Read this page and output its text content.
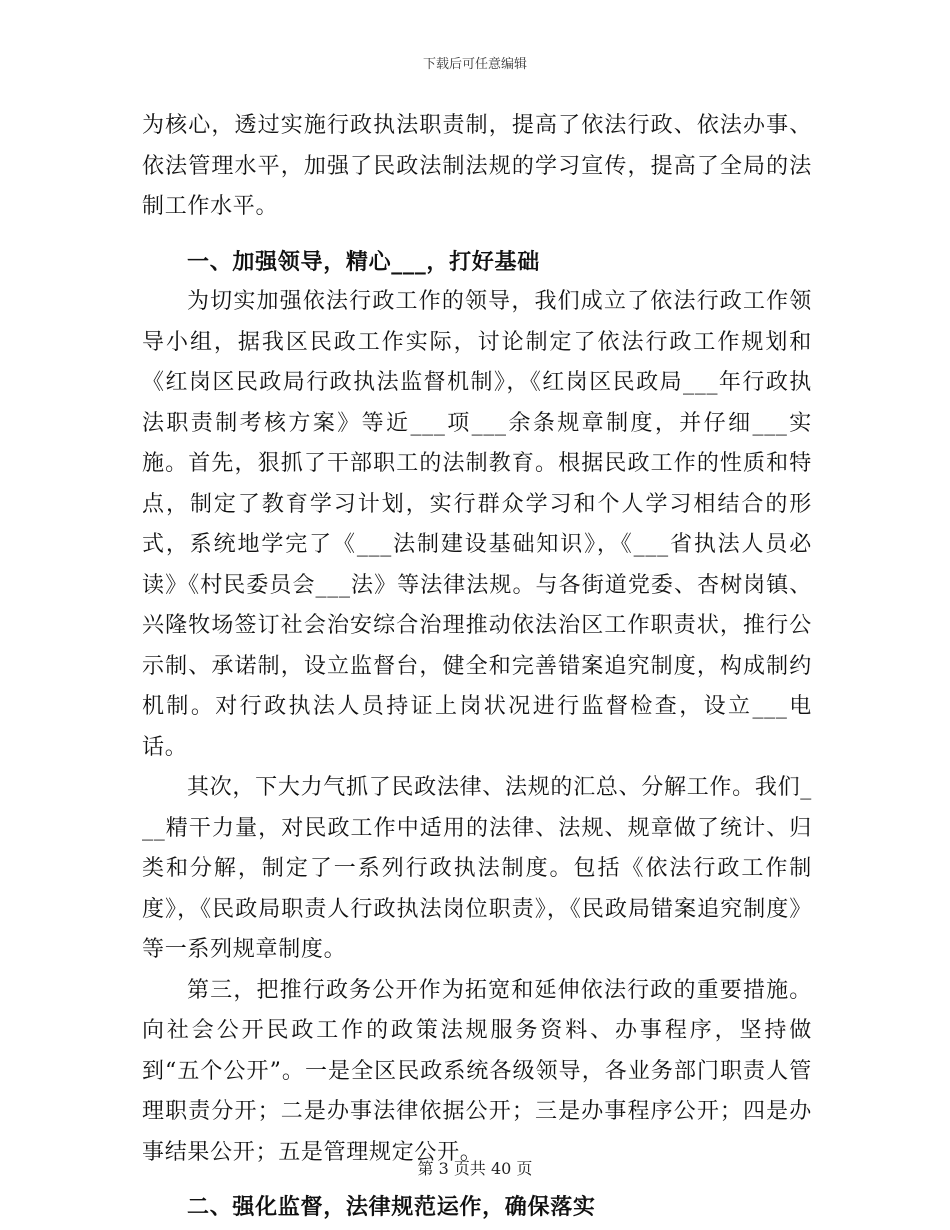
下载后可任意编辑

为核心，透过实施行政执法职责制，提高了依法行政、依法办事、依法管理水平，加强了民政法制法规的学习宣传，提高了全局的法制工作水平。

一、加强领导，精心___，打好基础

为切实加强依法行政工作的领导，我们成立了依法行政工作领导小组，据我区民政工作实际，讨论制定了依法行政工作规划和《红岗区民政局行政执法监督机制》，《红岗区民政局___年行政执法职责制考核方案》等近___项___余条规章制度，并仔细___实施。首先，狠抓了干部职工的法制教育。根据民政工作的性质和特点，制定了教育学习计划，实行群众学习和个人学习相结合的形式，系统地学完了《___法制建设基础知识》，《___省执法人员必读》《村民委员会___法》等法律法规。与各街道党委、杏树岗镇、兴隆牧场签订社会治安综合治理推动依法治区工作职责状，推行公示制、承诺制，设立监督台，健全和完善错案追究制度，构成制约机制。对行政执法人员持证上岗状况进行监督检查，设立___电话。

其次，下大力气抓了民政法律、法规的汇总、分解工作。我们___精干力量，对民政工作中适用的法律、法规、规章做了统计、归类和分解，制定了一系列行政执法制度。包括《依法行政工作制度》，《民政局职责人行政执法岗位职责》，《民政局错案追究制度》等一系列规章制度。

第三，把推行政务公开作为拓宽和延伸依法行政的重要措施。向社会公开民政工作的政策法规服务资料、办事程序，坚持做到“五个公开”。一是全区民政系统各级领导，各业务部门职责人管理职责分开；二是办事法律依据公开；三是办事程序公开；四是办事结果公开；五是管理规定公开。

二、强化监督，法律规范运作，确保落实
第 3 页共 40 页
